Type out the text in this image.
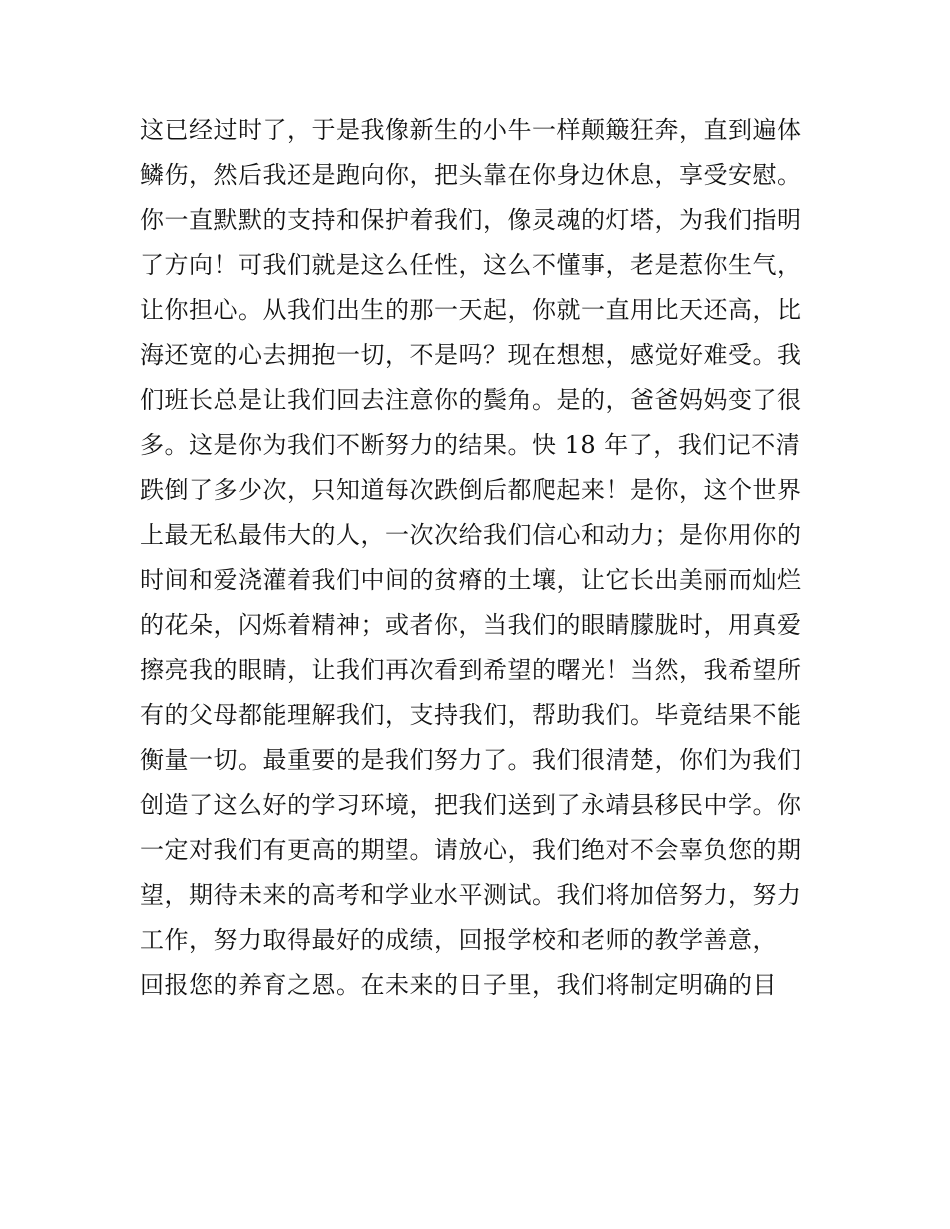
这已经过时了，于是我像新生的小牛一样颠簸狂奔，直到遍体
鳞伤，然后我还是跑向你，把头靠在你身边休息，享受安慰。
你一直默默的支持和保护着我们，像灵魂的灯塔，为我们指明
了方向！可我们就是这么任性，这么不懂事，老是惹你生气，
让你担心。从我们出生的那一天起，你就一直用比天还高，比
海还宽的心去拥抱一切，不是吗？现在想想，感觉好难受。我
们班长总是让我们回去注意你的鬓角。是的，爸爸妈妈变了很
多。这是你为我们不断努力的结果。快 18 年了，我们记不清
跌倒了多少次，只知道每次跌倒后都爬起来！是你，这个世界
上最无私最伟大的人，一次次给我们信心和动力；是你用你的
时间和爱浇灌着我们中间的贫瘠的土壤，让它长出美丽而灿烂
的花朵，闪烁着精神；或者你，当我们的眼睛朦胧时，用真爱
擦亮我的眼睛，让我们再次看到希望的曙光！当然，我希望所
有的父母都能理解我们，支持我们，帮助我们。毕竟结果不能
衡量一切。最重要的是我们努力了。我们很清楚，你们为我们
创造了这么好的学习环境，把我们送到了永靖县移民中学。你
一定对我们有更高的期望。请放心，我们绝对不会辜负您的期
望，期待未来的高考和学业水平测试。我们将加倍努力，努力
工作，努力取得最好的成绩，回报学校和老师的教学善意，
回报您的养育之恩。在未来的日子里，我们将制定明确的目
